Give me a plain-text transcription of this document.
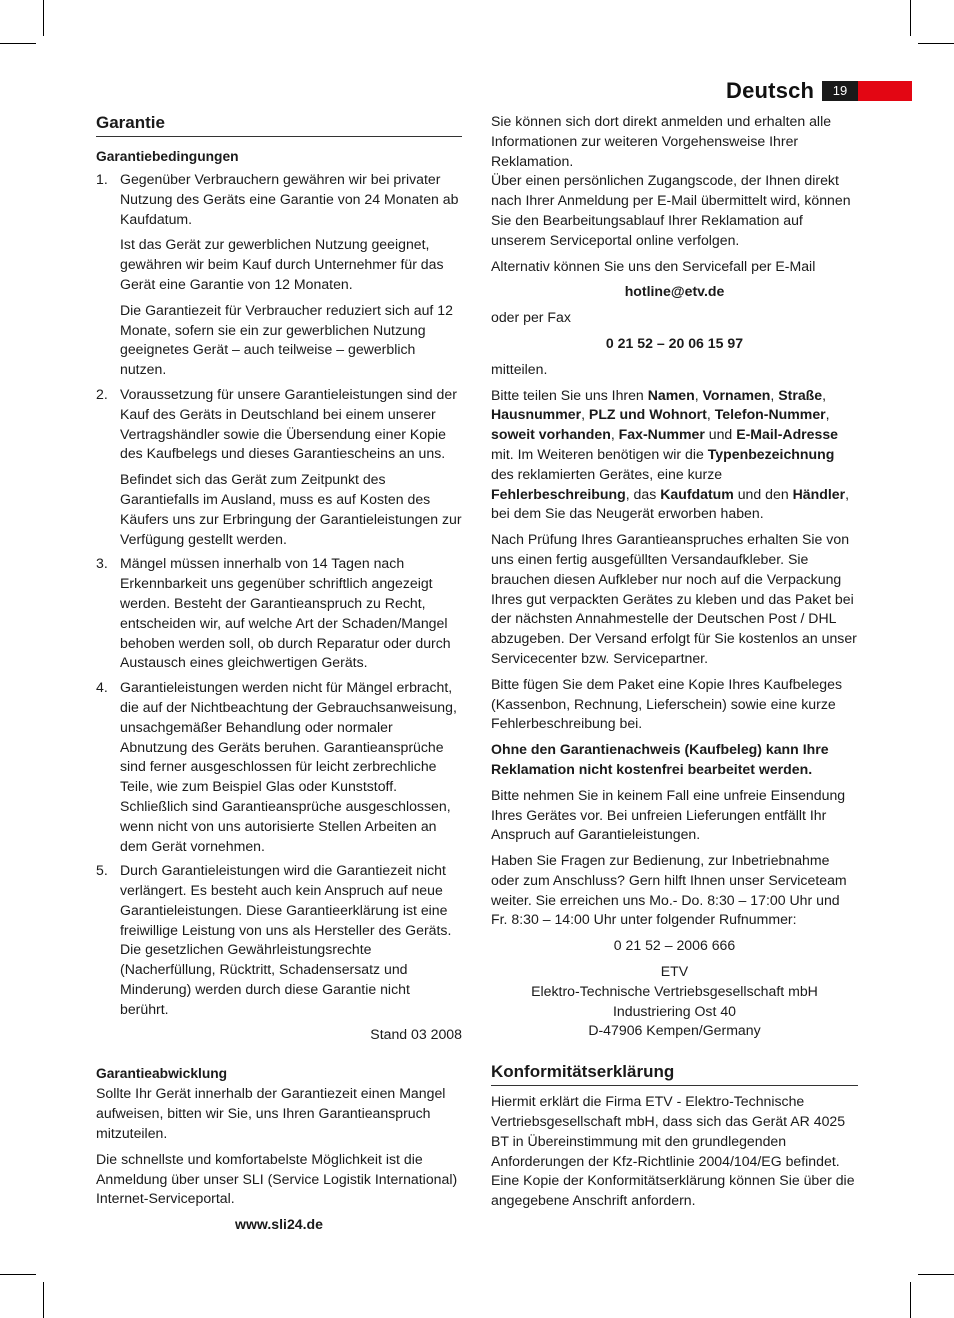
Deutsch	19
Garantie
Garantiebedingungen
1. Gegenüber Verbrauchern gewähren wir bei privater Nutzung des Geräts eine Garantie von 24 Monaten ab Kaufdatum.

Ist das Gerät zur gewerblichen Nutzung geeignet, gewähren wir beim Kauf durch Unternehmer für das Gerät eine Garantie von 12 Monaten.

Die Garantiezeit für Verbraucher reduziert sich auf 12 Monate, sofern sie ein zur gewerblichen Nutzung geeignetes Gerät – auch teilweise – gewerblich nutzen.

2. Voraussetzung für unsere Garantieleistungen sind der Kauf des Geräts in Deutschland bei einem unserer Vertragshändler sowie die Übersendung einer Kopie des Kaufbelegs und dieses Garantiescheins an uns.

Befindet sich das Gerät zum Zeitpunkt des Garantiefalls im Ausland, muss es auf Kosten des Käufers uns zur Erbringung der Garantieleistungen zur Verfügung gestellt werden.

3. Mängel müssen innerhalb von 14 Tagen nach Erkennbarkeit uns gegenüber schriftlich angezeigt werden. Besteht der Garantieanspruch zu Recht, entscheiden wir, auf welche Art der Schaden/Mangel behoben werden soll, ob durch Reparatur oder durch Austausch eines gleichwertigen Geräts.

4. Garantieleistungen werden nicht für Mängel erbracht, die auf der Nichtbeachtung der Gebrauchsanweisung, unsachgemäßer Behandlung oder normaler Abnutzung des Geräts beruhen. Garantieansprüche sind ferner ausgeschlossen für leicht zerbrechliche Teile, wie zum Beispiel Glas oder Kunststoff. Schließlich sind Garantieansprüche ausgeschlossen, wenn nicht von uns autorisierte Stellen Arbeiten an dem Gerät vornehmen.

5. Durch Garantieleistungen wird die Garantiezeit nicht verlängert. Es besteht auch kein Anspruch auf neue Garantieleistungen. Diese Garantieerklärung ist eine freiwillige Leistung von uns als Hersteller des Geräts. Die gesetzlichen Gewährleistungsrechte (Nacherfüllung, Rücktritt, Schadensersatz und Minderung) werden durch diese Garantie nicht berührt.

Stand 03 2008

Garantieabwicklung

Sollte Ihr Gerät innerhalb der Garantiezeit einen Mangel aufweisen, bitten wir Sie, uns Ihren Garantieanspruch mitzuteilen.

Die schnellste und komfortabelste Möglichkeit ist die Anmeldung über unser SLI (Service Logistik International) Internet-Serviceportal.

www.sli24.de

Sie können sich dort direkt anmelden und erhalten alle Informationen zur weiteren Vorgehensweise Ihrer Reklamation.

Über einen persönlichen Zugangscode, der Ihnen direkt nach Ihrer Anmeldung per E-Mail übermittelt wird, können Sie den Bearbeitungsablauf Ihrer Reklamation auf unserem Serviceportal online verfolgen.

Alternativ können Sie uns den Servicefall per E-Mail

hotline@etv.de

oder per Fax

0 21 52 – 20 06 15 97

mitteilen.

Bitte teilen Sie uns Ihren Namen, Vornamen, Straße, Hausnummer, PLZ und Wohnort, Telefon-Nummer, soweit vorhanden, Fax-Nummer und E-Mail-Adresse mit. Im Weiteren benötigen wir die Typenbezeichnung des reklamierten Gerätes, eine kurze Fehlerbeschreibung, das Kaufdatum und den Händler, bei dem Sie das Neugerät erworben haben.

Nach Prüfung Ihres Garantieanspruches erhalten Sie von uns einen fertig ausgefüllten Versandaufkleber. Sie brauchen diesen Aufkleber nur noch auf die Verpackung Ihres gut verpackten Gerätes zu kleben und das Paket bei der nächsten Annahmestelle der Deutschen Post / DHL abzugeben. Der Versand erfolgt für Sie kostenlos an unser Servicecenter bzw. Servicepartner.

Bitte fügen Sie dem Paket eine Kopie Ihres Kaufbeleges (Kassenbon, Rechnung, Lieferschein) sowie eine kurze Fehlerbeschreibung bei.

Ohne den Garantienachweis (Kaufbeleg) kann Ihre Reklamation nicht kostenfrei bearbeitet werden.

Bitte nehmen Sie in keinem Fall eine unfreie Einsendung Ihres Gerätes vor. Bei unfreien Lieferungen entfällt Ihr Anspruch auf Garantieleistungen.

Haben Sie Fragen zur Bedienung, zur Inbetriebnahme oder zum Anschluss? Gern hilft Ihnen unser Serviceteam weiter. Sie erreichen uns Mo.- Do. 8:30 – 17:00 Uhr und Fr. 8:30 – 14:00 Uhr unter folgender Rufnummer:

0 21 52 – 2006 666

ETV

Elektro-Technische Vertriebsgesellschaft mbH

Industriering Ost 40

D-47906 Kempen/Germany

Konformitätserklärung

Hiermit erklärt die Firma ETV - Elektro-Technische Vertriebsgesellschaft mbH, dass sich das Gerät AR 4025 BT in Übereinstimmung mit den grundlegenden Anforderungen der Kfz-Richtlinie 2004/104/EG befindet.

Eine Kopie der Konformitätserklärung können Sie über die angegebene Anschrift anfordern.
